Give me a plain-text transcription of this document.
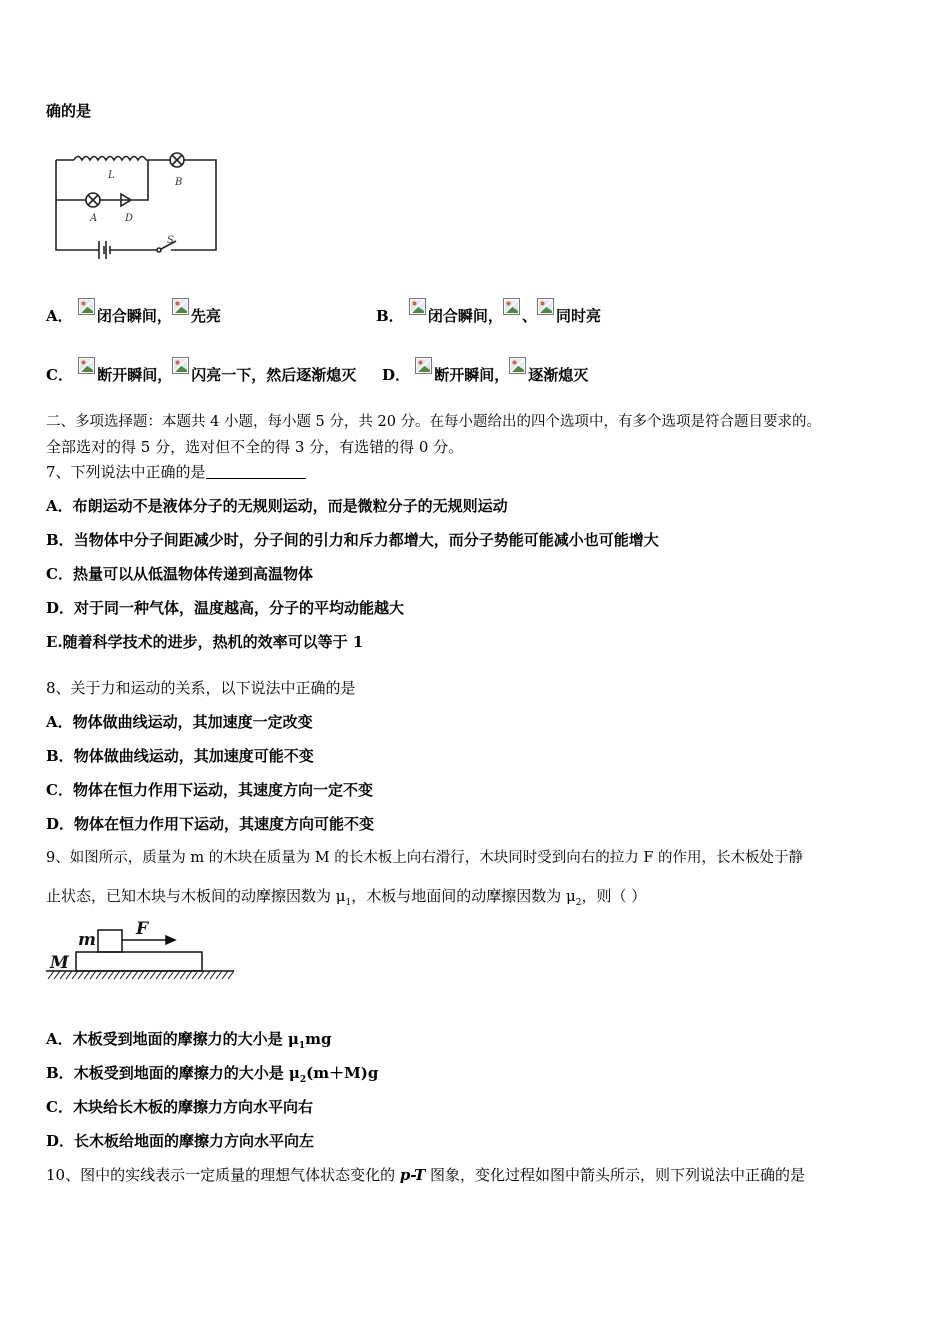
确的是
L
B
A	D
S
A． 闭合瞬间， 先亮	B． 闭合瞬间， 、 同时亮
C． 断开瞬间， 闪亮一下，然后逐渐熄灭 D． 断开瞬间， 逐渐熄灭
二、多项选择题：本题共 4 小题，每小题 5 分，共 20 分。在每小题给出的四个选项中，有多个选项是符合题目要求的。
全部选对的得 5 分，选对但不全的得 3 分，有选错的得 0 分。
7、下列说法中正确的是
A．布朗运动不是液体分子的无规则运动，而是微粒分子的无规则运动
B．当物体中分子间距减少时，分子间的引力和斥力都增大，而分子势能可能减小也可能增大
C．热量可以从低温物体传递到高温物体
D．对于同一种气体，温度越高，分子的平均动能越大
E.随着科学技术的进步，热机的效率可以等于 1
8、关于力和运动的关系，以下说法中正确的是
A．物体做曲线运动，其加速度一定改变
B．物体做曲线运动，其加速度可能不变
C．物体在恒力作用下运动，其速度方向一定不变
D．物体在恒力作用下运动，其速度方向可能不变
9、如图所示，质量为 m 的木块在质量为 M 的长木板上向右滑行，木块同时受到向右的拉力 F 的作用，长木板处于静
止状态，已知木块与木板间的动摩擦因数为 $\mu_1$，木板与地面间的动摩擦因数为 $\mu_2$，则（ ）
m
F
M
A．木板受到地面的摩擦力的大小是 $\mu_1mg$
B．木板受到地面的摩擦力的大小是 $\mu_2(m+M)g$
C．木块给长木板的摩擦力方向水平向右
D．长木板给地面的摩擦力方向水平向左
10、图中的实线表示一定质量的理想气体状态变化的 p-T 图象，变化过程如图中箭头所示，则下列说法中正确的是
